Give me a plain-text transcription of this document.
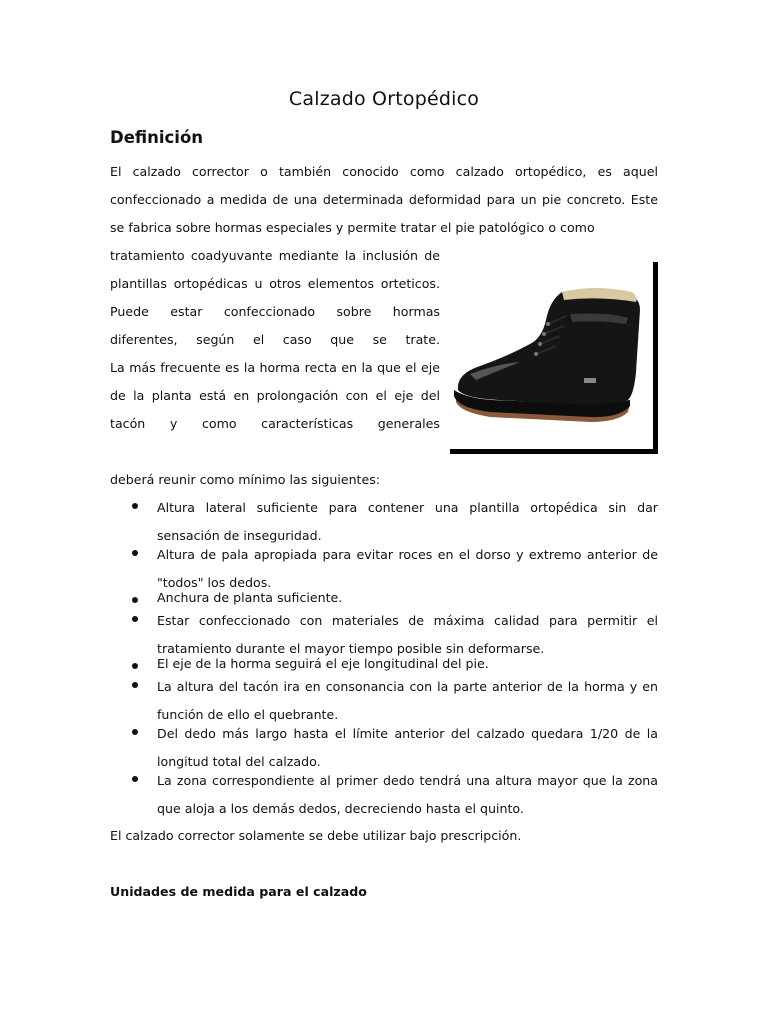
Calzado Ortopédico
Definición
El calzado corrector o también conocido como calzado ortopédico, es aquel confeccionado a medida de una determinada deformidad para un pie concreto. Este se fabrica sobre hormas especiales y permite tratar el pie patológico o como

tratamiento coadyuvante mediante la inclusión de plantillas ortopédicas u otros elementos orteticos.

Puede estar confeccionado sobre hormas diferentes, según el caso que se trate.

La más frecuente es la horma recta en la que el eje de la planta está en prolongación con el eje del tacón y como características generales

deberá reunir como mínimo las siguientes:
Altura lateral suficiente para contener una plantilla ortopédica sin dar sensación de inseguridad.
Altura de pala apropiada para evitar roces en el dorso y extremo anterior de "todos" los dedos.
Anchura de planta suficiente.
Estar confeccionado con materiales de máxima calidad para permitir el tratamiento durante el mayor tiempo posible sin deformarse.
El eje de la horma seguirá el eje longitudinal del pie.
La altura del tacón ira en consonancia con la parte anterior de la horma y en función de ello el quebrante.
Del dedo más largo hasta el límite anterior del calzado quedara 1/20 de la longitud total del calzado.
La zona correspondiente al primer dedo tendrá una altura mayor que la zona que aloja a los demás dedos, decreciendo hasta el quinto.
El calzado corrector solamente se debe utilizar bajo prescripción.
Unidades de medida para el calzado
